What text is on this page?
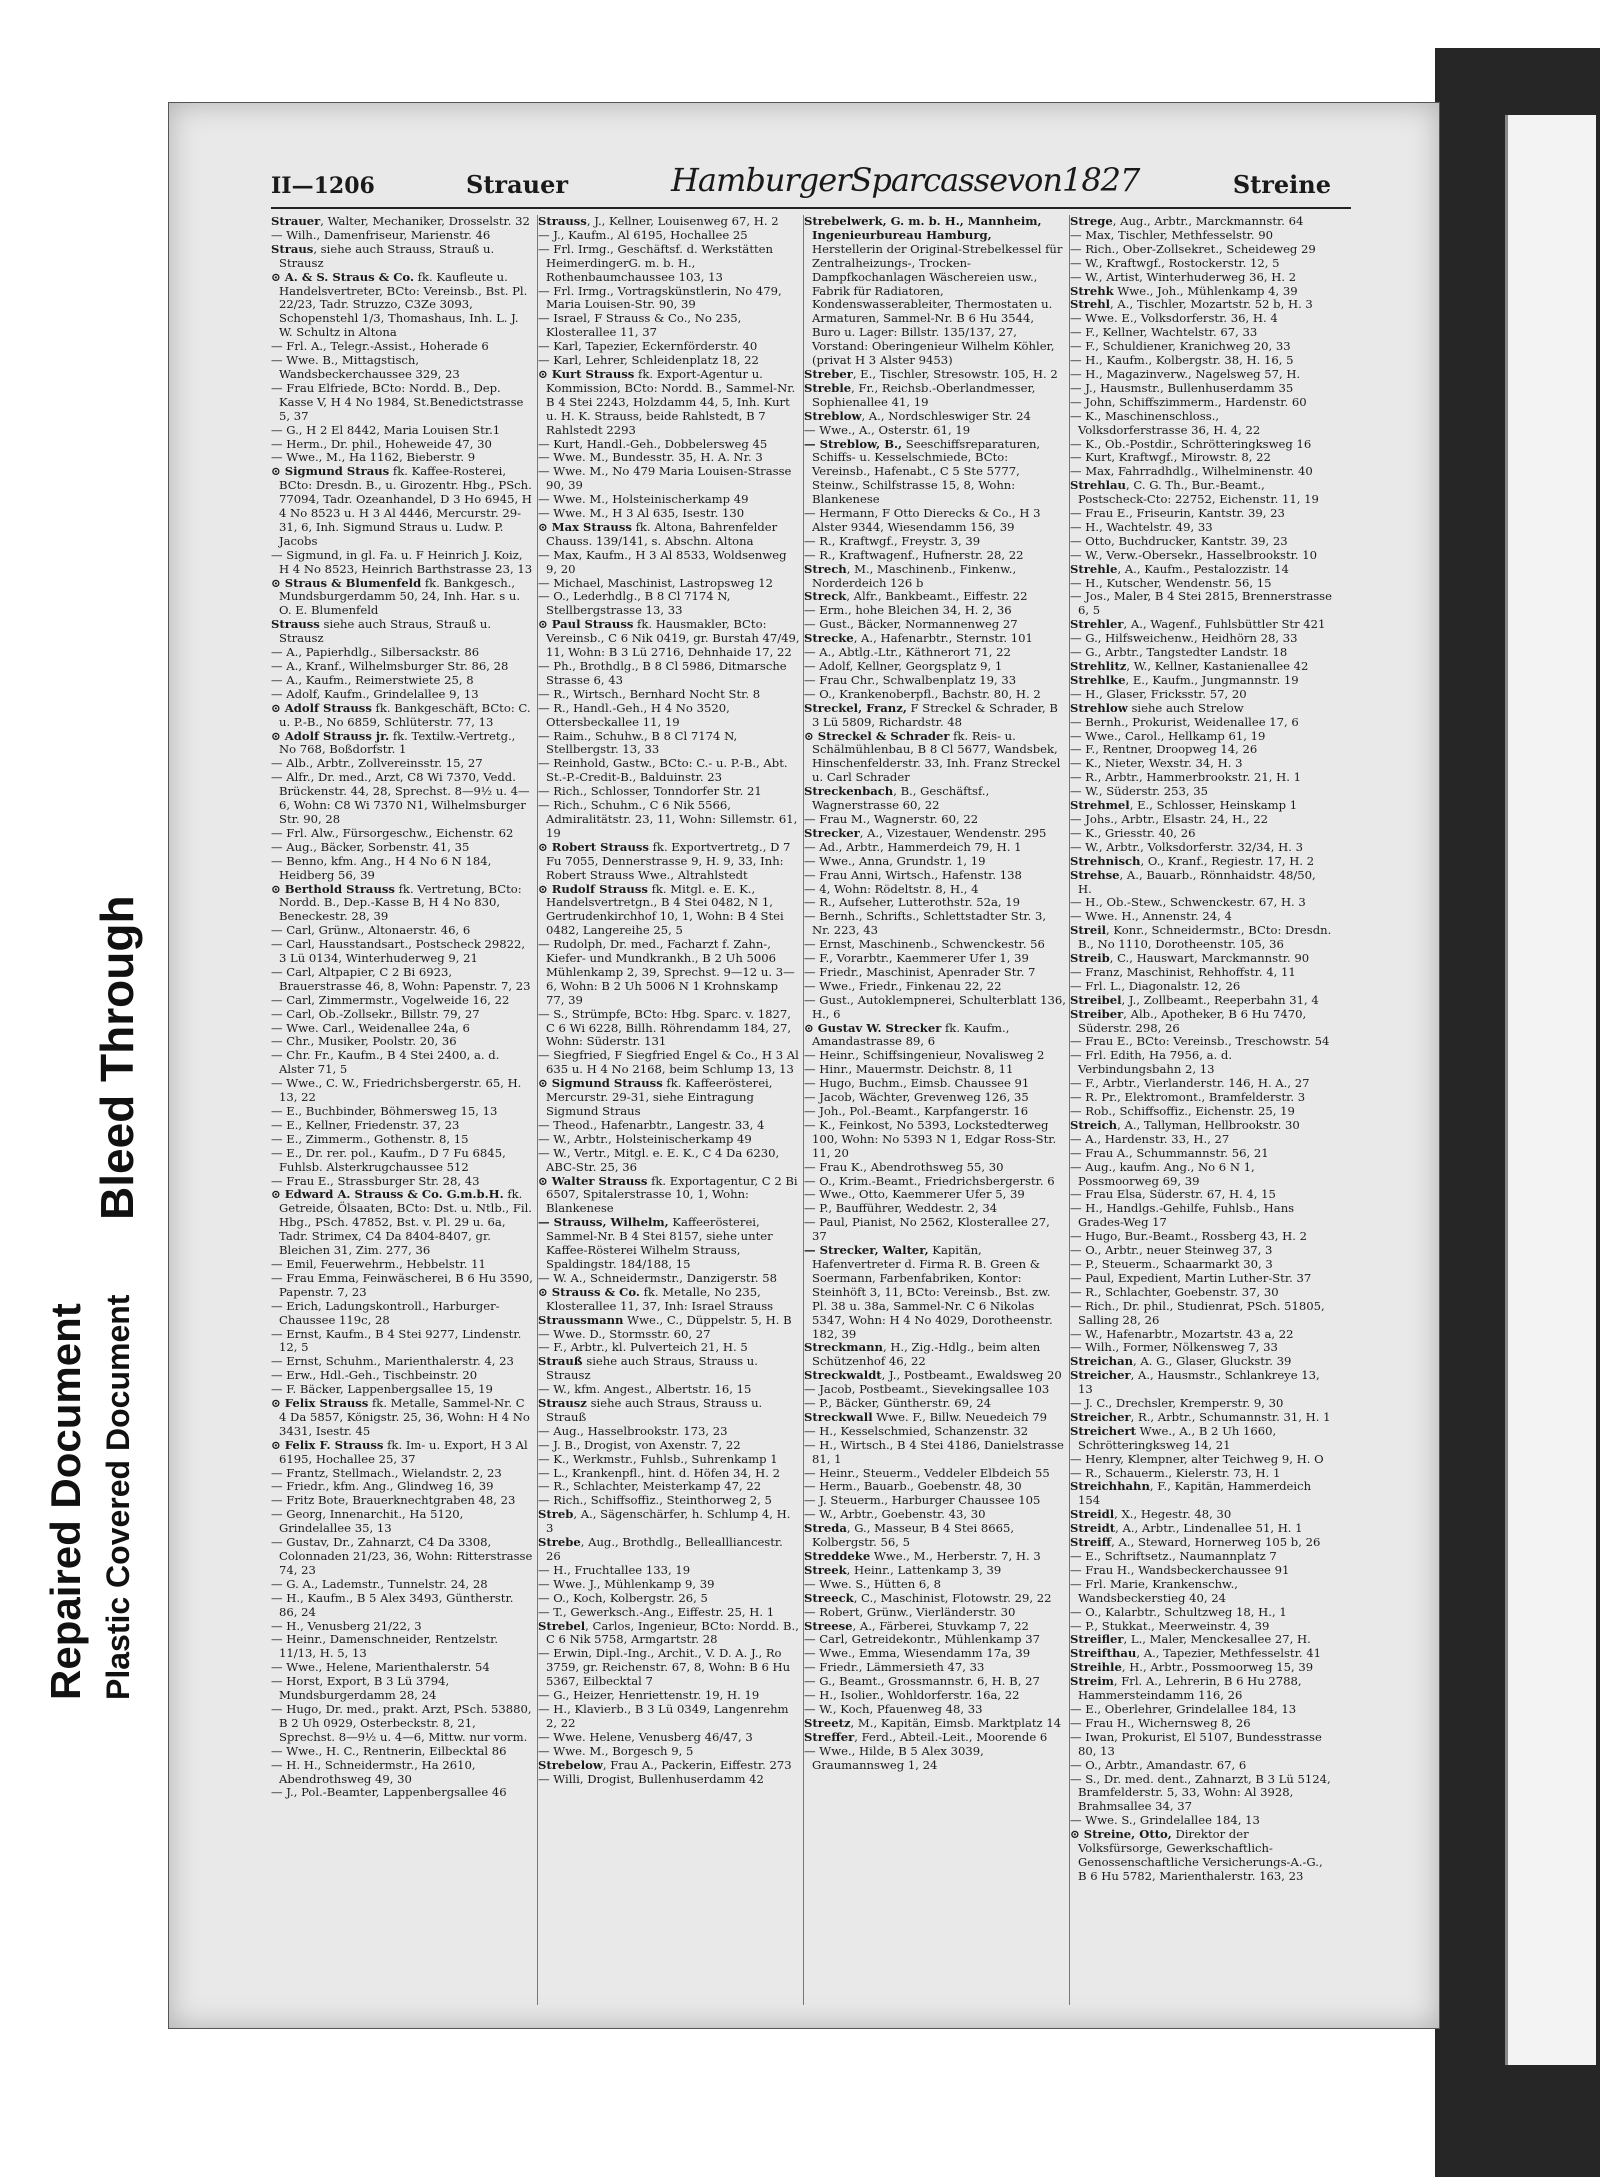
Repaired Document Plastic Covered Document
Bleed Through
II—1206	Strauer	HamburgerSparcassevon1827	Streine

Strauer, Walter, Mechaniker, Drosselstr. 32

— Wilh., Damenfriseur, Marienstr. 46

Straus, siehe auch Strauss, Strauß u. Strausz

⊙ A. & S. Straus & Co. fk. Kaufleute u. Handelsvertreter, BCto: Vereinsb., Bst. Pl. 22/23, Tadr. Struzzo, C3Ze 3093, Schopenstehl 1/3, Thomashaus, Inh. L. J. W. Schultz in Altona

— Frl. A., Telegr.-Assist., Hoherade 6

— Wwe. B., Mittagstisch, Wandsbeckerchaussee 329, 23

— Frau Elfriede, BCto: Nordd. B., Dep. Kasse V, H 4 No 1984, St.Benedictstrasse 5, 37

— G., H 2 El 8442, Maria Louisen Str.1

— Herm., Dr. phil., Hoheweide 47, 30

— Wwe., M., Ha 1162, Bieberstr. 9

⊙ Sigmund Straus fk. Kaffee-Rosterei, BCto: Dresdn. B., u. Girozentr. Hbg., PSch. 77094, Tadr. Ozeanhandel, D 3 Ho 6945, H 4 No 8523 u. H 3 Al 4446, Mercurstr. 29-31, 6, Inh. Sigmund Straus u. Ludw. P. Jacobs

— Sigmund, in gl. Fa. u. F Heinrich J. Koiz, H 4 No 8523, Heinrich Barthstrasse 23, 13

⊙ Straus & Blumenfeld fk. Bankgesch., Mundsburgerdamm 50, 24, Inh. Har. s u. O. E. Blumenfeld

Strauss siehe auch Straus, Strauß u. Strausz

— A., Papierhdlg., Silbersackstr. 86

— A., Kranf., Wilhelmsburger Str. 86, 28

— A., Kaufm., Reimerstwiete 25, 8

— Adolf, Kaufm., Grindelallee 9, 13

⊙ Adolf Strauss fk. Bankgeschäft, BCto: C. u. P.-B., No 6859, Schlüterstr. 77, 13

⊙ Adolf Strauss jr. fk. Textilw.-Vertretg., No 768, Boßdorfstr. 1

— Alb., Arbtr., Zollvereinsstr. 15, 27

— Alfr., Dr. med., Arzt, C8 Wi 7370, Vedd. Brückenstr. 44, 28, Sprechst. 8—9½ u. 4—6, Wohn: C8 Wi 7370 N1, Wilhelmsburger Str. 90, 28

— Frl. Alw., Fürsorgeschw., Eichenstr. 62

— Aug., Bäcker, Sorbenstr. 41, 35

— Benno, kfm. Ang., H 4 No 6 N 184, Heidberg 56, 39

⊙ Berthold Strauss fk. Vertretung, BCto: Nordd. B., Dep.-Kasse B, H 4 No 830, Beneckestr. 28, 39

— Carl, Grünw., Altonaerstr. 46, 6

— Carl, Hausstandsart., Postscheck 29822, 3 Lü 0134, Winterhuderweg 9, 21

— Carl, Altpapier, C 2 Bi 6923, Brauerstrasse 46, 8, Wohn: Papenstr. 7, 23

— Carl, Zimmermstr., Vogelweide 16, 22

— Carl, Ob.-Zollsekr., Billstr. 79, 27

— Wwe. Carl., Weidenallee 24a, 6

— Chr., Musiker, Poolstr. 20, 36

— Chr. Fr., Kaufm., B 4 Stei 2400, a. d. Alster 71, 5

— Wwe., C. W., Friedrichsbergerstr. 65, H. 13, 22

— E., Buchbinder, Böhmersweg 15, 13

— E., Kellner, Friedenstr. 37, 23

— E., Zimmerm., Gothenstr. 8, 15

— E., Dr. rer. pol., Kaufm., D 7 Fu 6845, Fuhlsb. Alsterkrugchaussee 512

— Frau E., Strassburger Str. 28, 43

⊙ Edward A. Strauss & Co. G.m.b.H. fk. Getreide, Ölsaaten, BCto: Dst. u. Ntlb., Fil. Hbg., PSch. 47852, Bst. v. Pl. 29 u. 6a, Tadr. Strimex, C4 Da 8404-8407, gr. Bleichen 31, Zim. 277, 36

— Emil, Feuerwehrm., Hebbelstr. 11

— Frau Emma, Feinwäscherei, B 6 Hu 3590, Papenstr. 7, 23

— Erich, Ladungskontroll., Harburger-Chaussee 119c, 28

— Ernst, Kaufm., B 4 Stei 9277, Lindenstr. 12, 5

— Ernst, Schuhm., Marienthalerstr. 4, 23

— Erw., Hdl.-Geh., Tischbeinstr. 20

— F. Bäcker, Lappenbergsallee 15, 19

⊙ Felix Strauss fk. Metalle, Sammel-Nr. C 4 Da 5857, Königstr. 25, 36, Wohn: H 4 No 3431, Isestr. 45

⊙ Felix F. Strauss fk. Im- u. Export, H 3 Al 6195, Hochallee 25, 37

— Frantz, Stellmach., Wielandstr. 2, 23

— Friedr., kfm. Ang., Glindweg 16, 39

— Fritz Bote, Brauerknechtgraben 48, 23

— Georg, Innenarchit., Ha 5120, Grindelallee 35, 13

— Gustav, Dr., Zahnarzt, C4 Da 3308, Colonnaden 21/23, 36, Wohn: Ritterstrasse 74, 23

— G. A., Lademstr., Tunnelstr. 24, 28

— H., Kaufm., B 5 Alex 3493, Güntherstr. 86, 24

— H., Venusberg 21/22, 3

— Heinr., Damenschneider, Rentzelstr. 11/13, H. 5, 13

— Wwe., Helene, Marienthalerstr. 54

— Horst, Export, B 3 Lü 3794, Mundsburgerdamm 28, 24

— Hugo, Dr. med., prakt. Arzt, PSch. 53880, B 2 Uh 0929, Osterbeckstr. 8, 21, Sprechst. 8—9½ u. 4—6, Mittw. nur vorm.

— Wwe., H. C., Rentnerin, Eilbecktal 86

— H. H., Schneidermstr., Ha 2610, Abendrothsweg 49, 30

— J., Pol.-Beamter, Lappenbergsallee 46

Strauss, J., Kellner, Louisenweg 67, H. 2

— J., Kaufm., Al 6195, Hochallee 25

— Frl. Irmg., Geschäftsf. d. Werkstätten HeimerdingerG. m. b. H., Rothenbaumchaussee 103, 13

— Frl. Irmg., Vortragskünstlerin, No 479, Maria Louisen-Str. 90, 39

— Israel, F Strauss & Co., No 235, Klosterallee 11, 37

— Karl, Tapezier, Eckernförderstr. 40

— Karl, Lehrer, Schleidenplatz 18, 22

⊙ Kurt Strauss fk. Export-Agentur u. Kommission, BCto: Nordd. B., Sammel-Nr. B 4 Stei 2243, Holzdamm 44, 5, Inh. Kurt u. H. K. Strauss, beide Rahlstedt, B 7 Rahlstedt 2293

— Kurt, Handl.-Geh., Dobbelersweg 45

— Wwe. M., Bundesstr. 35, H. A. Nr. 3

— Wwe. M., No 479 Maria Louisen-Strasse 90, 39

— Wwe. M., Holsteinischerkamp 49

— Wwe. M., H 3 Al 635, Isestr. 130

⊙ Max Strauss fk. Altona, Bahrenfelder Chauss. 139/141, s. Abschn. Altona

— Max, Kaufm., H 3 Al 8533, Woldsenweg 9, 20

— Michael, Maschinist, Lastropsweg 12

— O., Lederhdlg., B 8 Cl 7174 N, Stellbergstrasse 13, 33

⊙ Paul Strauss fk. Hausmakler, BCto: Vereinsb., C 6 Nik 0419, gr. Burstah 47/49, 11, Wohn: B 3 Lü 2716, Dehnhaide 17, 22

— Ph., Brothdlg., B 8 Cl 5986, Ditmarsche Strasse 6, 43

— R., Wirtsch., Bernhard Nocht Str. 8

— R., Handl.-Geh., H 4 No 3520, Ottersbeckallee 11, 19

— Raim., Schuhw., B 8 Cl 7174 N, Stellbergstr. 13, 33

— Reinhold, Gastw., BCto: C.- u. P.-B., Abt. St.-P.-Credit-B., Balduinstr. 23

— Rich., Schlosser, Tonndorfer Str. 21

— Rich., Schuhm., C 6 Nik 5566, Admiralitätstr. 23, 11, Wohn: Sillemstr. 61, 19

⊙ Robert Strauss fk. Exportvertretg., D 7 Fu 7055, Dennerstrasse 9, H. 9, 33, Inh: Robert Strauss Wwe., Altrahlstedt

⊙ Rudolf Strauss fk. Mitgl. e. E. K., Handelsvertretgn., B 4 Stei 0482, N 1, Gertrudenkirchhof 10, 1, Wohn: B 4 Stei 0482, Langereihe 25, 5

— Rudolph, Dr. med., Facharzt f. Zahn-, Kiefer- und Mundkrankh., B 2 Uh 5006 Mühlenkamp 2, 39, Sprechst. 9—12 u. 3—6, Wohn: B 2 Uh 5006 N 1 Krohnskamp 77, 39

— S., Strümpfe, BCto: Hbg. Sparc. v. 1827, C 6 Wi 6228, Billh. Röhrendamm 184, 27, Wohn: Süderstr. 131

— Siegfried, F Siegfried Engel & Co., H 3 Al 635 u. H 4 No 2168, beim Schlump 13, 13

⊙ Sigmund Strauss fk. Kaffeerösterei, Mercurstr. 29-31, siehe Eintragung Sigmund Straus

— Theod., Hafenarbtr., Langestr. 33, 4

— W., Arbtr., Holsteinischerkamp 49

— W., Vertr., Mitgl. e. E. K., C 4 Da 6230, ABC-Str. 25, 36

⊙ Walter Strauss fk. Exportagentur, C 2 Bi 6507, Spitalerstrasse 10, 1, Wohn: Blankenese

— Strauss, Wilhelm, Kaffeerösterei, Sammel-Nr. B 4 Stei 8157, siehe unter Kaffee-Rösterei Wilhelm Strauss, Spaldingstr. 184/188, 15

— W. A., Schneidermstr., Danzigerstr. 58

⊙ Strauss & Co. fk. Metalle, No 235, Klosterallee 11, 37, Inh: Israel Strauss

Straussmann Wwe., C., Düppelstr. 5, H. B

— Wwe. D., Stormsstr. 60, 27

— F., Arbtr., kl. Pulverteich 21, H. 5

Strauß siehe auch Straus, Strauss u. Strausz

— W., kfm. Angest., Albertstr. 16, 15

Strausz siehe auch Straus, Strauss u. Strauß

— Aug., Hasselbrookstr. 173, 23

— J. B., Drogist, von Axenstr. 7, 22

— K., Werkmstr., Fuhlsb., Suhrenkamp 1

— L., Krankenpfl., hint. d. Höfen 34, H. 2

— R., Schlachter, Meisterkamp 47, 22

— Rich., Schiffsoffiz., Steinthorweg 2, 5

Streb, A., Sägenschärfer, h. Schlump 4, H. 3

Strebe, Aug., Brothdlg., Belleallliancestr. 26

— H., Fruchtallee 133, 19

— Wwe. J., Mühlenkamp 9, 39

— O., Koch, Kolbergstr. 26, 5

— T., Gewerksch.-Ang., Eiffestr. 25, H. 1

Strebel, Carlos, Ingenieur, BCto: Nordd. B., C 6 Nik 5758, Armgartstr. 28

— Erwin, Dipl.-Ing., Archit., V. D. A. J., Ro 3759, gr. Reichenstr. 67, 8, Wohn: B 6 Hu 5367, Eilbecktal 7

— G., Heizer, Henriettenstr. 19, H. 19

— H., Klavierb., B 3 Lü 0349, Langenrehm 2, 22

— Wwe. Helene, Venusberg 46/47, 3

— Wwe. M., Borgesch 9, 5

Strebelow, Frau A., Packerin, Eiffestr. 273

— Willi, Drogist, Bullenhuserdamm 42

Strebelwerk, G. m. b. H., Mannheim, Ingenieurbureau Hamburg, Herstellerin der Original-Strebelkessel für Zentralheizungs-, Trocken-Dampfkochanlagen Wäschereien usw., Fabrik für Radiatoren, Kondenswasserableiter, Thermostaten u. Armaturen, Sammel-Nr. B 6 Hu 3544, Buro u. Lager: Billstr. 135/137, 27, Vorstand: Oberingenieur Wilhelm Köhler, (privat H 3 Alster 9453)

Streber, E., Tischler, Stresowstr. 105, H. 2

Streble, Fr., Reichsb.-Oberlandmesser, Sophienallee 41, 19

Streblow, A., Nordschleswiger Str. 24

— Wwe., A., Osterstr. 61, 19

— Streblow, B., Seeschiffsreparaturen, Schiffs- u. Kesselschmiede, BCto: Vereinsb., Hafenabt., C 5 Ste 5777, Steinw., Schilfstrasse 15, 8, Wohn: Blankenese

— Hermann, F Otto Dierecks & Co., H 3 Alster 9344, Wiesendamm 156, 39

— R., Kraftwgf., Freystr. 3, 39

— R., Kraftwagenf., Hufnerstr. 28, 22

Strech, M., Maschinenb., Finkenw., Norderdeich 126 b

Streck, Alfr., Bankbeamt., Eiffestr. 22

— Erm., hohe Bleichen 34, H. 2, 36

— Gust., Bäcker, Normannenweg 27

Strecke, A., Hafenarbtr., Sternstr. 101

— A., Abtlg.-Ltr., Käthnerort 71, 22

— Adolf, Kellner, Georgsplatz 9, 1

— Frau Chr., Schwalbenplatz 19, 33

— O., Krankenoberpfl., Bachstr. 80, H. 2

Streckel, Franz, F Streckel & Schrader, B 3 Lü 5809, Richardstr. 48

⊙ Streckel & Schrader fk. Reis- u. Schälmühlenbau, B 8 Cl 5677, Wandsbek, Hinschenfelderstr. 33, Inh. Franz Streckel u. Carl Schrader

Streckenbach, B., Geschäftsf., Wagnerstrasse 60, 22

— Frau M., Wagnerstr. 60, 22

Strecker, A., Vizestauer, Wendenstr. 295

— Ad., Arbtr., Hammerdeich 79, H. 1

— Wwe., Anna, Grundstr. 1, 19

— Frau Anni, Wirtsch., Hafenstr. 138

— 4, Wohn: Rödeltstr. 8, H., 4

— R., Aufseher, Lutterothstr. 52a, 19

— Bernh., Schrifts., Schlettstadter Str. 3, Nr. 223, 43

— Ernst, Maschinenb., Schwenckestr. 56

— F., Vorarbtr., Kaemmerer Ufer 1, 39

— Friedr., Maschinist, Apenrader Str. 7

— Wwe., Friedr., Finkenau 22, 22

— Gust., Autoklempnerei, Schulterblatt 136, H., 6

⊙ Gustav W. Strecker fk. Kaufm., Amandastrasse 89, 6

— Heinr., Schiffsingenieur, Novalisweg 2

— Hinr., Mauermstr. Deichstr. 8, 11

— Hugo, Buchm., Eimsb. Chaussee 91

— Jacob, Wächter, Grevenweg 126, 35

— Joh., Pol.-Beamt., Karpfangerstr. 16

— K., Feinkost, No 5393, Lockstedterweg 100, Wohn: No 5393 N 1, Edgar Ross-Str. 11, 20

— Frau K., Abendrothsweg 55, 30

— O., Krim.-Beamt., Friedrichsbergerstr. 6

— Wwe., Otto, Kaemmerer Ufer 5, 39

— P., Baufführer, Weddestr. 2, 34

— Paul, Pianist, No 2562, Klosterallee 27, 37

— Strecker, Walter, Kapitän, Hafenvertreter d. Firma R. B. Green & Soermann, Farbenfabriken, Kontor: Steinhöft 3, 11, BCto: Vereinsb., Bst. zw. Pl. 38 u. 38a, Sammel-Nr. C 6 Nikolas 5347, Wohn: H 4 No 4029, Dorotheenstr. 182, 39

Streckmann, H., Zig.-Hdlg., beim alten Schützenhof 46, 22

Streckwaldt, J., Postbeamt., Ewaldsweg 20

— Jacob, Postbeamt., Sievekingsallee 103

— P., Bäcker, Güntherstr. 69, 24

Streckwall Wwe. F., Billw. Neuedeich 79

— H., Kesselschmied, Schanzenstr. 32

— H., Wirtsch., B 4 Stei 4186, Danielstrasse 81, 1

— Heinr., Steuerm., Veddeler Elbdeich 55

— Herm., Bauarb., Goebenstr. 48, 30

— J. Steuerm., Harburger Chaussee 105

— W., Arbtr., Goebenstr. 43, 30

Streda, G., Masseur, B 4 Stei 8665, Kolbergstr. 56, 5

Streddeke Wwe., M., Herberstr. 7, H. 3

Streek, Heinr., Lattenkamp 3, 39

— Wwe. S., Hütten 6, 8

Streeck, C., Maschinist, Flotowstr. 29, 22

— Robert, Grünw., Vierländerstr. 30

Streese, A., Färberei, Stuvkamp 7, 22

— Carl, Getreidekontr., Mühlenkamp 37

— Wwe., Emma, Wiesendamm 17a, 39

— Friedr., Lämmersieth 47, 33

— G., Beamt., Grossmannstr. 6, H. B, 27

— H., Isolier., Wohldorferstr. 16a, 22

— W., Koch, Pfauenweg 48, 33

Streetz, M., Kapitän, Eimsb. Marktplatz 14

Streffer, Ferd., Abteil.-Leit., Moorende 6

— Wwe., Hilde, B 5 Alex 3039, Graumannsweg 1, 24

Strege, Aug., Arbtr., Marckmannstr. 64

— Max, Tischler, Methfesselstr. 90

— Rich., Ober-Zollsekret., Scheideweg 29

— W., Kraftwgf., Rostockerstr. 12, 5

— W., Artist, Winterhuderweg 36, H. 2

Strehk Wwe., Joh., Mühlenkamp 4, 39

Strehl, A., Tischler, Mozartstr. 52 b, H. 3

— Wwe. E., Volksdorferstr. 36, H. 4

— F., Kellner, Wachtelstr. 67, 33

— F., Schuldiener, Kranichweg 20, 33

— H., Kaufm., Kolbergstr. 38, H. 16, 5

— H., Magazinverw., Nagelsweg 57, H.

— J., Hausmstr., Bullenhuserdamm 35

— John, Schiffszimmerm., Hardenstr. 60

— K., Maschinenschloss., Volksdorferstrasse 36, H. 4, 22

— K., Ob.-Postdir., Schrötteringksweg 16

— Kurt, Kraftwgf., Mirowstr. 8, 22

— Max, Fahrradhdlg., Wilhelminenstr. 40

Strehlau, C. G. Th., Bur.-Beamt., Postscheck-Cto: 22752, Eichenstr. 11, 19

— Frau E., Friseurin, Kantstr. 39, 23

— H., Wachtelstr. 49, 33

— Otto, Buchdrucker, Kantstr. 39, 23

— W., Verw.-Obersekr., Hasselbrookstr. 10

Strehle, A., Kaufm., Pestalozzistr. 14

— H., Kutscher, Wendenstr. 56, 15

— Jos., Maler, B 4 Stei 2815, Brennerstrasse 6, 5

Strehler, A., Wagenf., Fuhlsbüttler Str 421

— G., Hilfsweichenw., Heidhörn 28, 33

— G., Arbtr., Tangstedter Landstr. 18

Strehlitz, W., Kellner, Kastanienallee 42

Strehlke, E., Kaufm., Jungmannstr. 19

— H., Glaser, Fricksstr. 57, 20

Strehlow siehe auch Strelow

— Bernh., Prokurist, Weidenallee 17, 6

— Wwe., Carol., Hellkamp 61, 19

— F., Rentner, Droopweg 14, 26

— K., Nieter, Wexstr. 34, H. 3

— R., Arbtr., Hammerbrookstr. 21, H. 1

— W., Süderstr. 253, 35

Strehmel, E., Schlosser, Heinskamp 1

— Johs., Arbtr., Elsastr. 24, H., 22

— K., Griesstr. 40, 26

— W., Arbtr., Volksdorferstr. 32/34, H. 3

Strehnisch, O., Kranf., Regiestr. 17, H. 2

Strehse, A., Bauarb., Rönnhaidstr. 48/50, H.

— H., Ob.-Stew., Schwenckestr. 67, H. 3

— Wwe. H., Annenstr. 24, 4

Streil, Konr., Schneidermstr., BCto: Dresdn. B., No 1110, Dorotheenstr. 105, 36

Streib, C., Hauswart, Marckmannstr. 90

— Franz, Maschinist, Rehhoffstr. 4, 11

— Frl. L., Diagonalstr. 12, 26

Streibel, J., Zollbeamt., Reeperbahn 31, 4

Streiber, Alb., Apotheker, B 6 Hu 7470, Süderstr. 298, 26

— Frau E., BCto: Vereinsb., Treschowstr. 54

— Frl. Edith, Ha 7956, a. d. Verbindungsbahn 2, 13

— F., Arbtr., Vierlanderstr. 146, H. A., 27

— R. Pr., Elektromont., Bramfelderstr. 3

— Rob., Schiffsoffiz., Eichenstr. 25, 19

Streich, A., Tallyman, Hellbrookstr. 30

— A., Hardenstr. 33, H., 27

— Frau A., Schummannstr. 56, 21

— Aug., kaufm. Ang., No 6 N 1, Possmoorweg 69, 39

— Frau Elsa, Süderstr. 67, H. 4, 15

— H., Handlgs.-Gehilfe, Fuhlsb., Hans Grades-Weg 17

— Hugo, Bur.-Beamt., Rossberg 43, H. 2

— O., Arbtr., neuer Steinweg 37, 3

— P., Steuerm., Schaarmarkt 30, 3

— Paul, Expedient, Martin Luther-Str. 37

— R., Schlachter, Goebenstr. 37, 30

— Rich., Dr. phil., Studienrat, PSch. 51805, Salling 28, 26

— W., Hafenarbtr., Mozartstr. 43 a, 22

— Wilh., Former, Nölkensweg 7, 33

Streichan, A. G., Glaser, Gluckstr. 39

Streicher, A., Hausmstr., Schlankreye 13, 13

— J. C., Drechsler, Kremperstr. 9, 30

Streicher, R., Arbtr., Schumannstr. 31, H. 1

Streichert Wwe., A., B 2 Uh 1660, Schrötteringksweg 14, 21

— Henry, Klempner, alter Teichweg 9, H. O

— R., Schauerm., Kielerstr. 73, H. 1

Streichhahn, F., Kapitän, Hammerdeich 154

Streidl, X., Hegestr. 48, 30

Streidt, A., Arbtr., Lindenallee 51, H. 1

Streiff, A., Steward, Hornerweg 105 b, 26

— E., Schriftsetz., Naumannplatz 7

— Frau H., Wandsbeckerchaussee 91

— Frl. Marie, Krankenschw., Wandsbeckerstieg 40, 24

— O., Kalarbtr., Schultzweg 18, H., 1

— P., Stukkat., Meerweinstr. 4, 39

Streifler, L., Maler, Menckesallee 27, H.

Streifthau, A., Tapezier, Methfesselstr. 41

Streihle, H., Arbtr., Possmoorweg 15, 39

Streim, Frl. A., Lehrerin, B 6 Hu 2788, Hammersteindamm 116, 26

— E., Oberlehrer, Grindelallee 184, 13

— Frau H., Wichernsweg 8, 26

— Iwan, Prokurist, El 5107, Bundesstrasse 80, 13

— O., Arbtr., Amandastr. 67, 6

— S., Dr. med. dent., Zahnarzt, B 3 Lü 5124, Bramfelderstr. 5, 33, Wohn: Al 3928, Brahmsallee 34, 37

— Wwe. S., Grindelallee 184, 13

⊙ Streine, Otto, Direktor der Volksfürsorge, Gewerkschaftlich-Genossenschaftliche Versicherungs-A.-G., B 6 Hu 5782, Marienthalerstr. 163, 23
